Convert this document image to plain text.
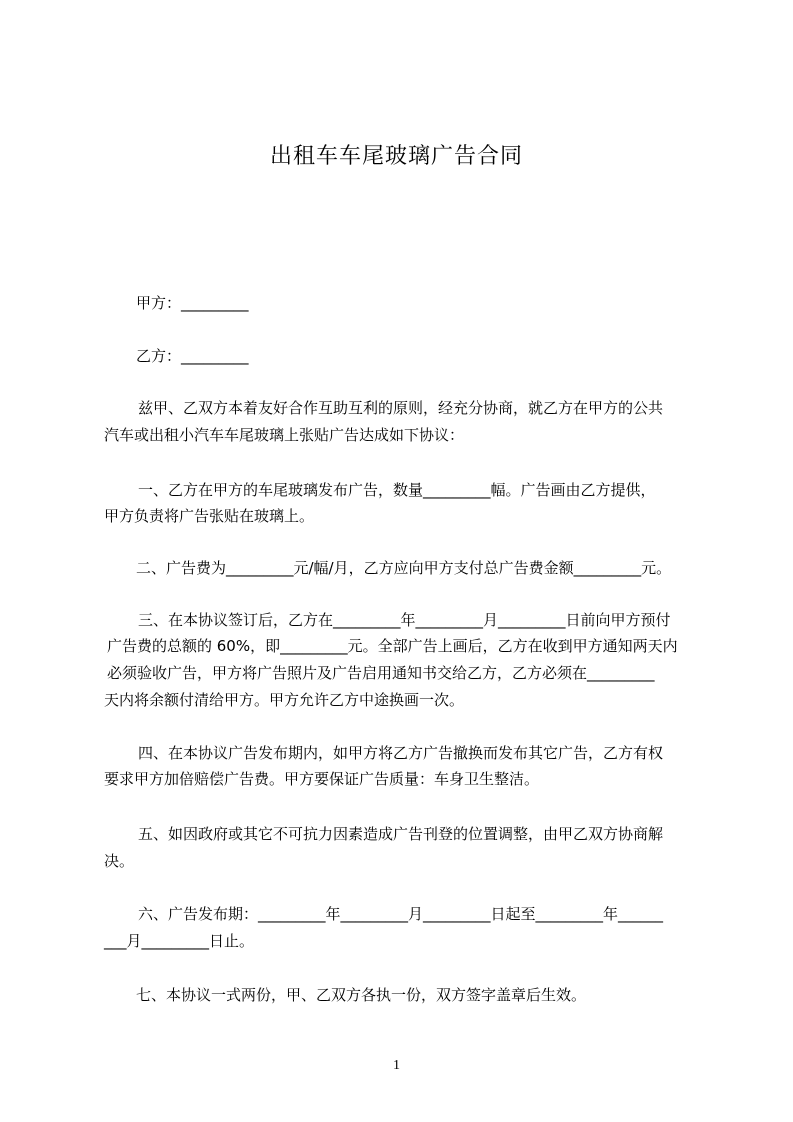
出租车车尾玻璃广告合同
甲方：_________
乙方：_________
兹甲、乙双方本着友好合作互助互利的原则，经充分协商，就乙方在甲方的公共
汽车或出租小汽车车尾玻璃上张贴广告达成如下协议：
一、乙方在甲方的车尾玻璃发布广告，数量_________幅。广告画由乙方提供，
甲方负责将广告张贴在玻璃上。
二、广告费为_________元/幅/月，乙方应向甲方支付总广告费金额_________元。
三、在本协议签订后，乙方在_________年_________月_________日前向甲方预付
广告费的总额的 60%，即_________元。全部广告上画后，乙方在收到甲方通知两天内
必须验收广告，甲方将广告照片及广告启用通知书交给乙方，乙方必须在_________
天内将余额付清给甲方。甲方允许乙方中途换画一次。
四、在本协议广告发布期内，如甲方将乙方广告撤换而发布其它广告，乙方有权
要求甲方加倍赔偿广告费。甲方要保证广告质量：车身卫生整洁。
五、如因政府或其它不可抗力因素造成广告刊登的位置调整，由甲乙双方协商解
决。
六、广告发布期：_________年_________月_________日起至_________年______
___月_________日止。
七、本协议一式两份，甲、乙双方各执一份，双方签字盖章后生效。
1
